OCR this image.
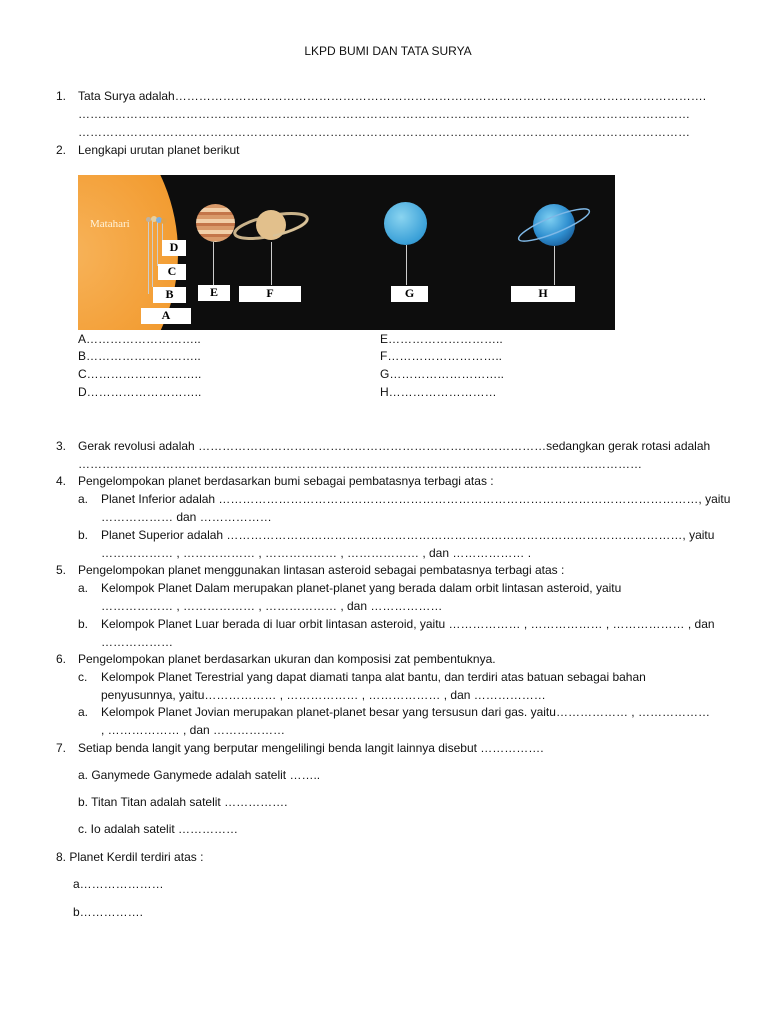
LKPD BUMI DAN TATA SURYA
1. Tata Surya adalah…………………………………………………………………………………………………………………….
………………………………………………………………………………………………………………………………………
………………………………………………………………………………………………………………………………………
2. Lengkapi urutan planet berikut
Matahari
D
C
B
A
E	F	G	H
A………………………..
B………………………..
C………………………..
D………………………..
E………………………..
F………………………..
G………………………..
H………………………
3. Gerak revolusi adalah ……………………………………………………………………………sedangkan gerak rotasi adalah
……………………………………………………………………………………………………………………………
4. Pengelompokan planet berdasarkan bumi sebagai pembatasnya terbagi atas :
a. Planet Inferior adalah …………………………………………………………………………………………………………, yaitu
……………… dan ………………
b. Planet Superior adalah ……………………………………………………………………………………………………, yaitu
……………… , ……………… , ……………… , ……………… , dan ……………… .
5. Pengelompokan planet menggunakan lintasan asteroid sebagai pembatasnya terbagi atas :
a. Kelompok Planet Dalam merupakan planet-planet yang berada dalam orbit lintasan asteroid, yaitu
……………… , ……………… , ……………… , dan ………………
b. Kelompok Planet Luar berada di luar orbit lintasan asteroid, yaitu ……………… , ……………… , ……………… , dan
………………
6. Pengelompokan planet berdasarkan ukuran dan komposisi zat pembentuknya.
c. Kelompok Planet Terestrial yang dapat diamati tanpa alat bantu, dan terdiri atas batuan sebagai bahan
penyusunnya, yaitu……………… , ……………… , ……………… , dan ………………
a. Kelompok Planet Jovian merupakan planet-planet besar yang tersusun dari gas. yaitu……………… , ………………
, ……………… , dan ………………
7. Setiap benda langit yang berputar mengelilingi benda langit lainnya disebut …………….
a. Ganymede Ganymede adalah satelit ……..
b. Titan Titan adalah satelit …………….
c. Io adalah satelit ……………
8. Planet Kerdil terdiri atas :
a…………………
b…………….
